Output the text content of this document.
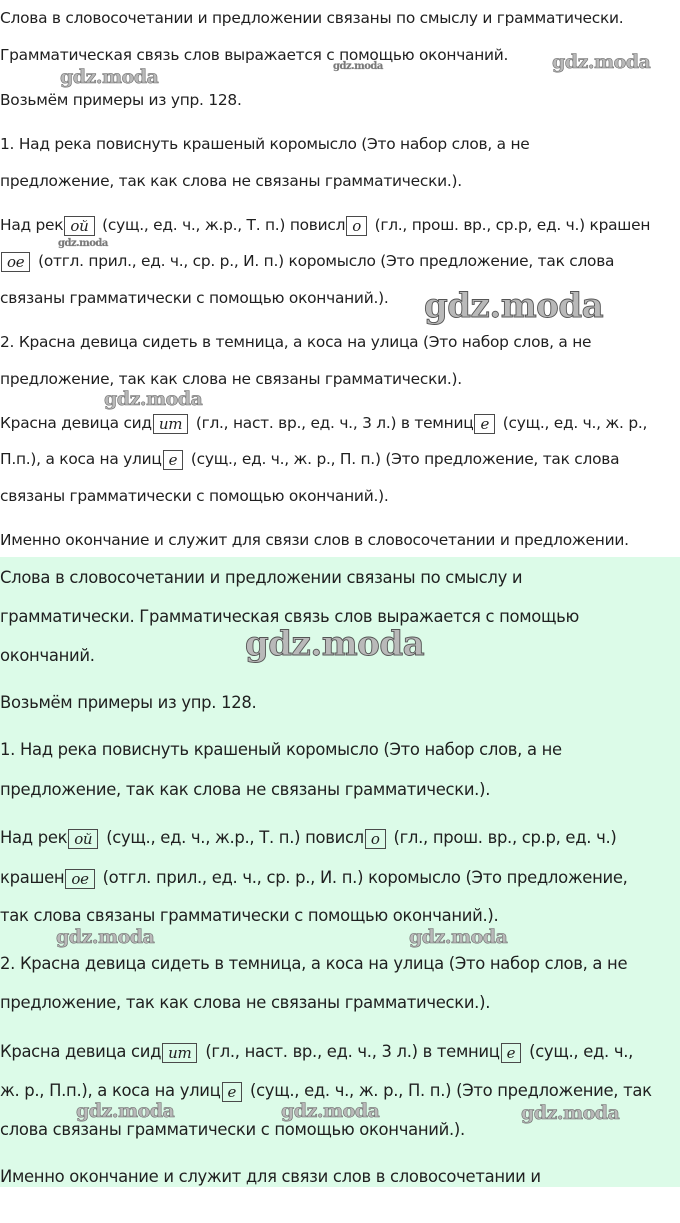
Слова в словосочетании и предложении связаны по смыслу и грамматически.
Грамматическая связь слов выражается с помощью окончаний.
Возьмём примеры из упр. 128.
1. Над река повиснуть крашеный коромысло (Это набор слов, а не
предложение, так как слова не связаны грамматически.).
Над рек ой (сущ., ед. ч., ж.р., Т. п.) повисл о (гл., прош. вр., ср.р, ед. ч.) крашен
ое (отгл. прил., ед. ч., ср. р., И. п.) коромысло (Это предложение, так слова
связаны грамматически с помощью окончаний.).
2. Красна девица сидеть в темница, а коса на улица (Это набор слов, а не
предложение, так как слова не связаны грамматически.).
Красна девица сид ит (гл., наст. вр., ед. ч., 3 л.) в темниц е (сущ., ед. ч., ж. р.,
П.п.), а коса на улиц е (сущ., ед. ч., ж. р., П. п.) (Это предложение, так слова
связаны грамматически с помощью окончаний.).
Именно окончание и служит для связи слов в словосочетании и предложении.
Слова в словосочетании и предложении связаны по смыслу и
грамматически. Грамматическая связь слов выражается с помощью
окончаний.
Возьмём примеры из упр. 128.
1. Над река повиснуть крашеный коромысло (Это набор слов, а не
предложение, так как слова не связаны грамматически.).
Над рек ой (сущ., ед. ч., ж.р., Т. п.) повисл о (гл., прош. вр., ср.р, ед. ч.)
крашен ое (отгл. прил., ед. ч., ср. р., И. п.) коромысло (Это предложение,
так слова связаны грамматически с помощью окончаний.).
2. Красна девица сидеть в темница, а коса на улица (Это набор слов, а не
предложение, так как слова не связаны грамматически.).
Красна девица сид ит (гл., наст. вр., ед. ч., 3 л.) в темниц е (сущ., ед. ч.,
ж. р., П.п.), а коса на улиц е (сущ., ед. ч., ж. р., П. п.) (Это предложение, так
слова связаны грамматически с помощью окончаний.).
Именно окончание и служит для связи слов в словосочетании и
gdz.moda
gdz.moda
gdz.moda
gdz.moda
gdz.moda
gdz.moda
gdz.moda
gdz.moda	gdz.moda
gdz.moda	gdz.moda	gdz.moda
